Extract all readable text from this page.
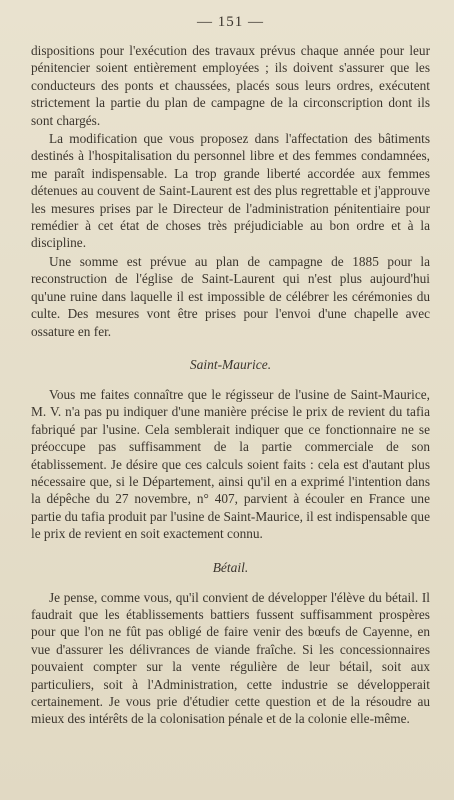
— 151 —

dispositions pour l'exécution des travaux prévus chaque année pour leur pénitencier soient entièrement employées ; ils doivent s'assurer que les conducteurs des ponts et chaussées, placés sous leurs ordres, exécutent strictement la partie du plan de campagne de la circonscription dont ils sont chargés.

La modification que vous proposez dans l'affectation des bâtiments destinés à l'hospitalisation du personnel libre et des femmes condamnées, me paraît indispensable. La trop grande liberté accordée aux femmes détenues au couvent de Saint-Laurent est des plus regrettable et j'approuve les mesures prises par le Directeur de l'administration pénitentiaire pour remédier à cet état de choses très préjudiciable au bon ordre et à la discipline.

Une somme est prévue au plan de campagne de 1885 pour la reconstruction de l'église de Saint-Laurent qui n'est plus aujourd'hui qu'une ruine dans laquelle il est impossible de célébrer les cérémonies du culte. Des mesures vont être prises pour l'envoi d'une chapelle avec ossature en fer.

Saint-Maurice.

Vous me faites connaître que le régisseur de l'usine de Saint-Maurice, M. V. n'a pas pu indiquer d'une manière précise le prix de revient du tafia fabriqué par l'usine. Cela semblerait indiquer que ce fonctionnaire ne se préoccupe pas suffisamment de la partie commerciale de son établissement. Je désire que ces calculs soient faits : cela est d'autant plus nécessaire que, si le Département, ainsi qu'il en a exprimé l'intention dans la dépêche du 27 novembre, n° 407, parvient à écouler en France une partie du tafia produit par l'usine de Saint-Maurice, il est indispensable que le prix de revient en soit exactement connu.

Bétail.

Je pense, comme vous, qu'il convient de développer l'élève du bétail. Il faudrait que les établissements battiers fussent suffisamment prospères pour que l'on ne fût pas obligé de faire venir des bœufs de Cayenne, en vue d'assurer les délivrances de viande fraîche. Si les concessionnaires pouvaient compter sur la vente régulière de leur bétail, soit aux particuliers, soit à l'Administration, cette industrie se développerait certainement. Je vous prie d'étudier cette question et de la résoudre au mieux des intérêts de la colonisation pénale et de la colonie elle-même.
